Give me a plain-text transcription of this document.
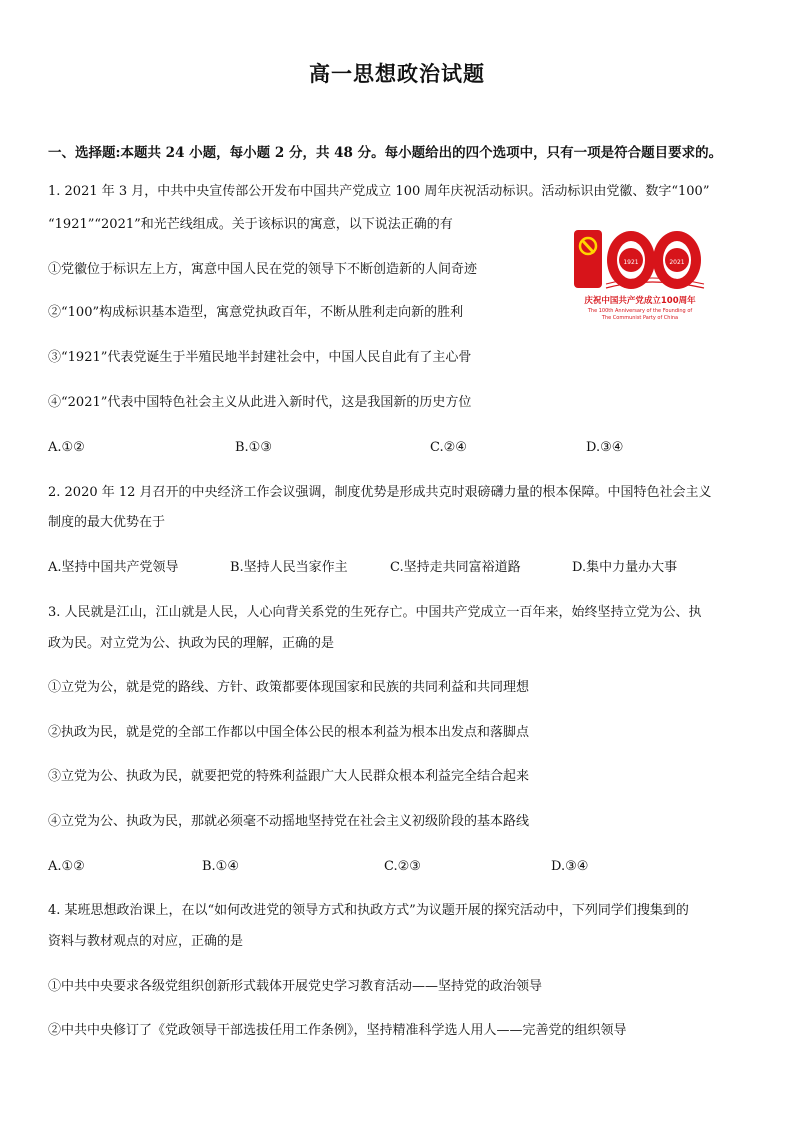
高一思想政治试题
一、选择题:本题共 24 小题，每小题 2 分，共 48 分。每小题给出的四个选项中，只有一项是符合题目要求的。
1. 2021 年 3 月，中共中央宣传部公开发布中国共产党成立 100 周年庆祝活动标识。活动标识由党徽、数字“100”
“1921”“2021”和光芒线组成。关于该标识的寓意，以下说法正确的有
①党徽位于标识左上方，寓意中国人民在党的领导下不断创造新的人间奇迹
②“100”构成标识基本造型，寓意党执政百年，不断从胜利走向新的胜利
③“1921”代表党诞生于半殖民地半封建社会中，中国人民自此有了主心骨
④“2021”代表中国特色社会主义从此进入新时代，这是我国新的历史方位
A.①②	B.①③	C.②④	D.③④
1921	2021
庆祝中国共产党成立100周年
The 100th Anniversary of the Founding of
The Communist Party of China
2. 2020 年 12 月召开的中央经济工作会议强调，制度优势是形成共克时艰磅礴力量的根本保障。中国特色社会主义
制度的最大优势在于
A.坚持中国共产党领导	B.坚持人民当家作主	C.坚持走共同富裕道路	D.集中力量办大事
3. 人民就是江山，江山就是人民，人心向背关系党的生死存亡。中国共产党成立一百年来，始终坚持立党为公、执
政为民。对立党为公、执政为民的理解，正确的是
①立党为公，就是党的路线、方针、政策都要体现国家和民族的共同利益和共同理想
②执政为民，就是党的全部工作都以中国全体公民的根本利益为根本出发点和落脚点
③立党为公、执政为民，就要把党的特殊利益跟广大人民群众根本利益完全结合起来
④立党为公、执政为民，那就必须毫不动摇地坚持党在社会主义初级阶段的基本路线
A.①②	B.①④	C.②③	D.③④
4. 某班思想政治课上，在以“如何改进党的领导方式和执政方式”为议题开展的探究活动中，下列同学们搜集到的
资料与教材观点的对应，正确的是
①中共中央要求各级党组织创新形式载体开展党史学习教育活动——坚持党的政治领导
②中共中央修订了《党政领导干部选拔任用工作条例》，坚持精准科学选人用人——完善党的组织领导
